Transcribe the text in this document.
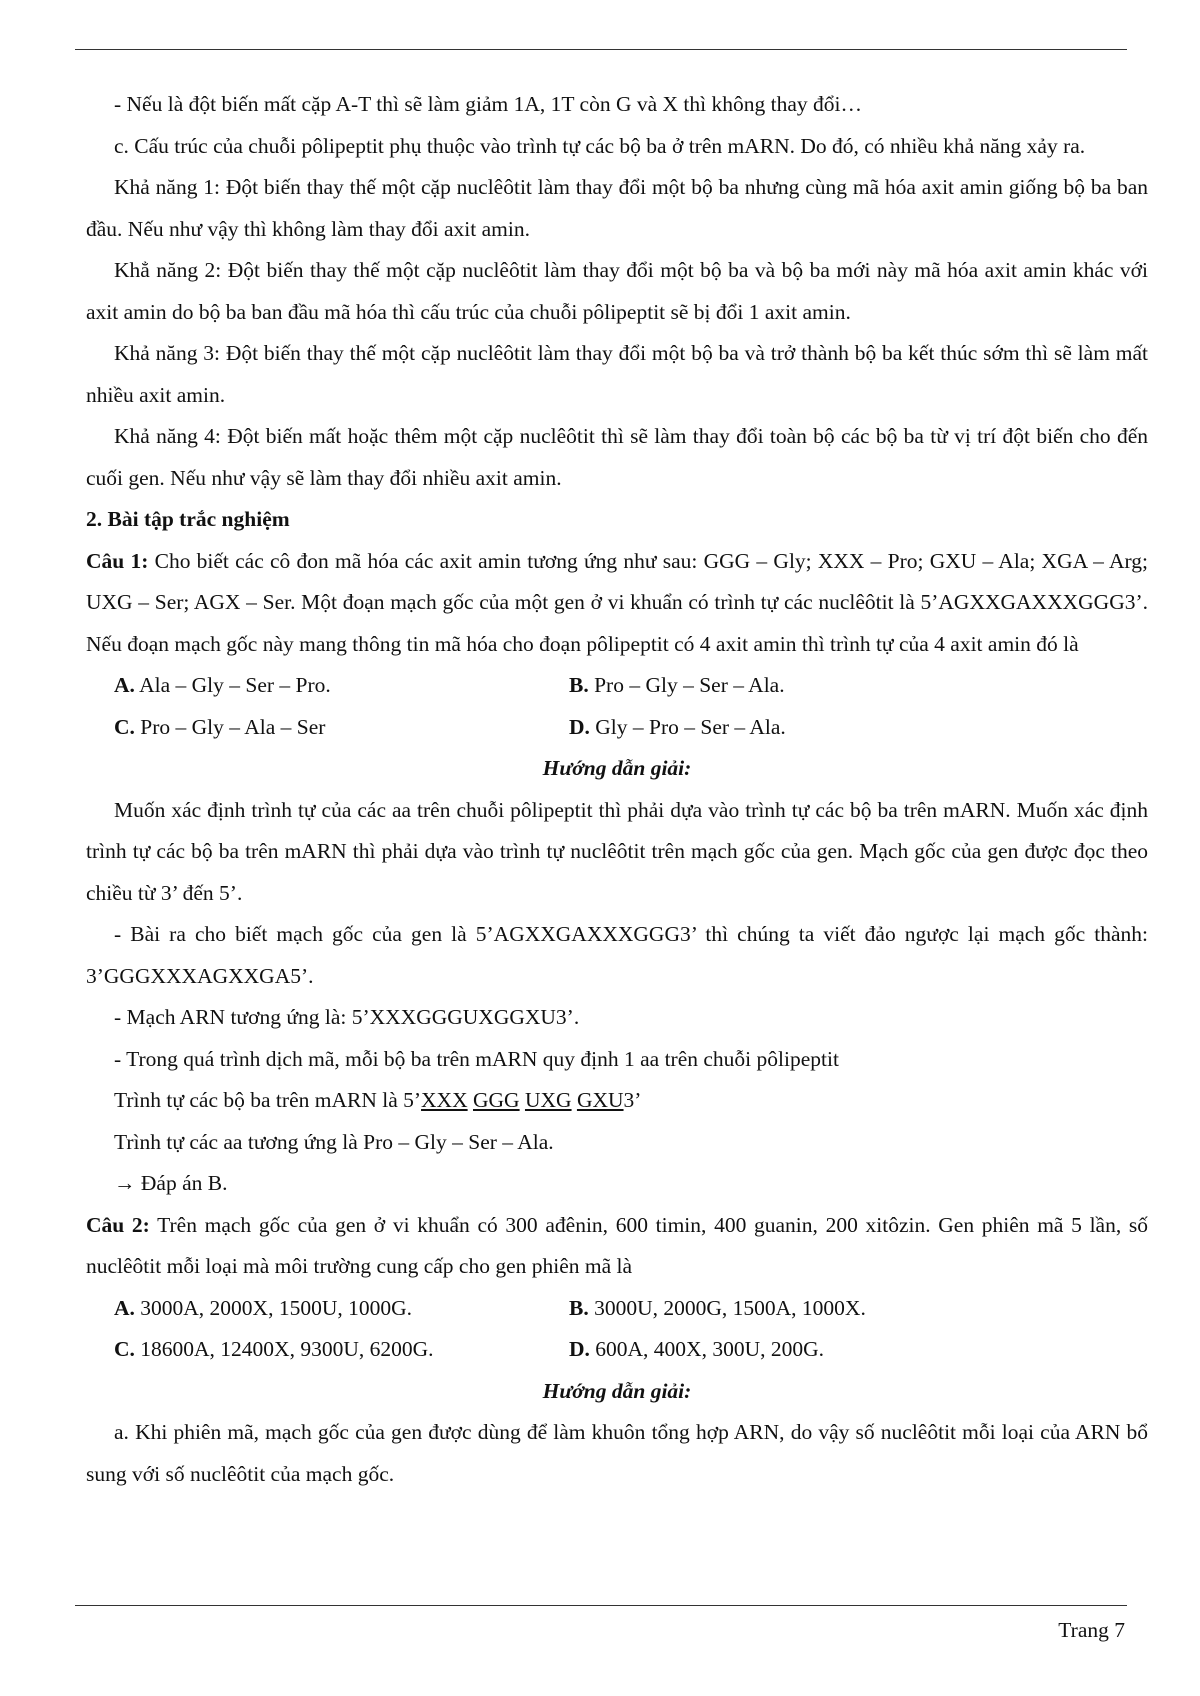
- Nếu là đột biến mất cặp A-T thì sẽ làm giảm 1A, 1T còn G và X thì không thay đổi…

c. Cấu trúc của chuỗi pôlipeptit phụ thuộc vào trình tự các bộ ba ở trên mARN. Do đó, có nhiều khả năng xảy ra.

Khả năng 1: Đột biến thay thế một cặp nuclêôtit làm thay đổi một bộ ba nhưng cùng mã hóa axit amin giống bộ ba ban đầu. Nếu như vậy thì không làm thay đổi axit amin.

Khẳ năng 2: Đột biến thay thế một cặp nuclêôtit làm thay đổi một bộ ba và bộ ba mới này mã hóa axit amin khác với axit amin do bộ ba ban đầu mã hóa thì cấu trúc của chuỗi pôlipeptit sẽ bị đổi 1 axit amin.

Khả năng 3: Đột biến thay thế một cặp nuclêôtit làm thay đổi một bộ ba và trở thành bộ ba kết thúc sớm thì sẽ làm mất nhiều axit amin.

Khả năng 4: Đột biến mất hoặc thêm một cặp nuclêôtit thì sẽ làm thay đổi toàn bộ các bộ ba từ vị trí đột biến cho đến cuối gen. Nếu như vậy sẽ làm thay đổi nhiều axit amin.

2. Bài tập trắc nghiệm

Câu 1: Cho biết các cô đon mã hóa các axit amin tương ứng như sau: GGG – Gly; XXX – Pro; GXU – Ala; XGA – Arg; UXG – Ser; AGX – Ser. Một đoạn mạch gốc của một gen ở vi khuẩn có trình tự các nuclêôtit là 5’AGXXGAXXXGGG3’. Nếu đoạn mạch gốc này mang thông tin mã hóa cho đoạn pôlipeptit có 4 axit amin thì trình tự của 4 axit amin đó là

A. Ala – Gly – Ser – Pro.	B. Pro – Gly – Ser – Ala.
C. Pro – Gly – Ala – Ser	D. Gly – Pro – Ser – Ala.

Hướng dẫn giải:

Muốn xác định trình tự của các aa trên chuỗi pôlipeptit thì phải dựa vào trình tự các bộ ba trên mARN. Muốn xác định trình tự các bộ ba trên mARN thì phải dựa vào trình tự nuclêôtit trên mạch gốc của gen. Mạch gốc của gen được đọc theo chiều từ 3’ đến 5’.

- Bài ra cho biết mạch gốc của gen là 5’AGXXGAXXXGGG3’ thì chúng ta viết đảo ngược lại mạch gốc thành: 3’GGGXXXAGXXGA5’.

- Mạch ARN tương ứng là: 5’XXXGGGUXGGXU3’.

- Trong quá trình dịch mã, mỗi bộ ba trên mARN quy định 1 aa trên chuỗi pôlipeptit

Trình tự các bộ ba trên mARN là 5’XXX GGG UXG GXU3’

Trình tự các aa tương ứng là Pro – Gly – Ser – Ala.

→ Đáp án B.

Câu 2: Trên mạch gốc của gen ở vi khuẩn có 300 ađênin, 600 timin, 400 guanin, 200 xitôzin. Gen phiên mã 5 lần, số nuclêôtit mỗi loại mà môi trường cung cấp cho gen phiên mã là

A. 3000A, 2000X, 1500U, 1000G.	B. 3000U, 2000G, 1500A, 1000X.
C. 18600A, 12400X, 9300U, 6200G.	D. 600A, 400X, 300U, 200G.

Hướng dẫn giải:

a. Khi phiên mã, mạch gốc của gen được dùng để làm khuôn tổng hợp ARN, do vậy số nuclêôtit mỗi loại của ARN bổ sung với số nuclêôtit của mạch gốc.

Trang 7
